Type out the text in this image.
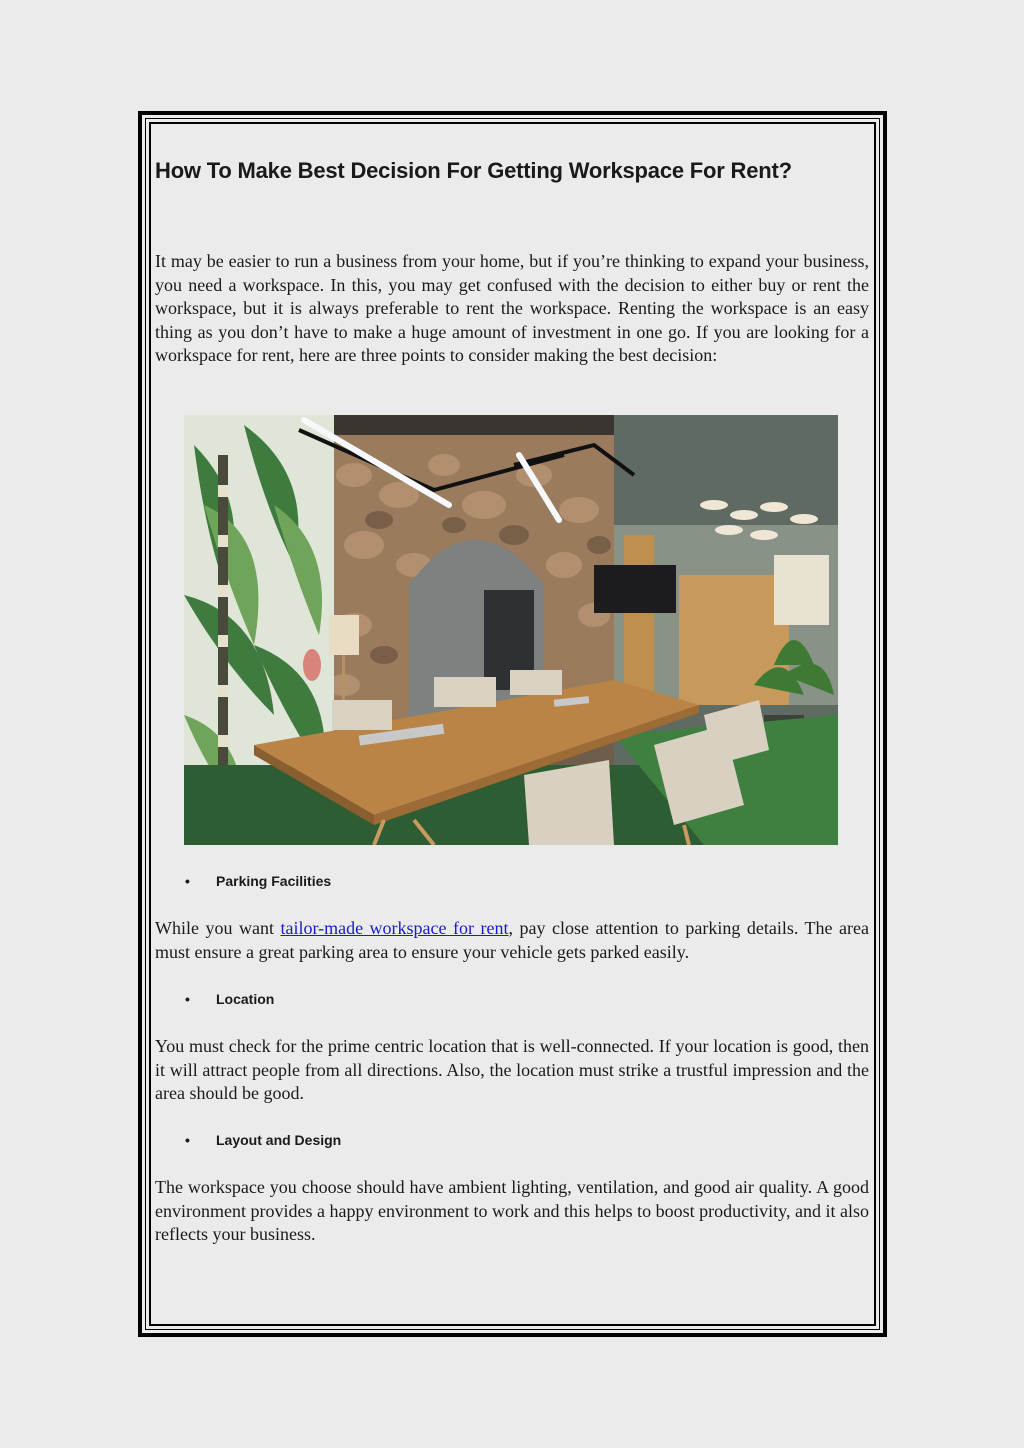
How To Make Best Decision For Getting Workspace For Rent?

It may be easier to run a business from your home, but if you’re thinking to expand your business, you need a workspace. In this, you may get confused with the decision to either buy or rent the workspace, but it is always preferable to rent the workspace. Renting the workspace is an easy thing as you don’t have to make a huge amount of investment in one go. If you are looking for a workspace for rent, here are three points to consider making the best decision:

• Parking Facilities

While you want tailor-made workspace for rent, pay close attention to parking details. The area must ensure a great parking area to ensure your vehicle gets parked easily.

• Location

You must check for the prime centric location that is well-connected. If your location is good, then it will attract people from all directions. Also, the location must strike a trustful impression and the area should be good.

• Layout and Design

The workspace you choose should have ambient lighting, ventilation, and good air quality. A good environment provides a happy environment to work and this helps to boost productivity, and it also reflects your business.
